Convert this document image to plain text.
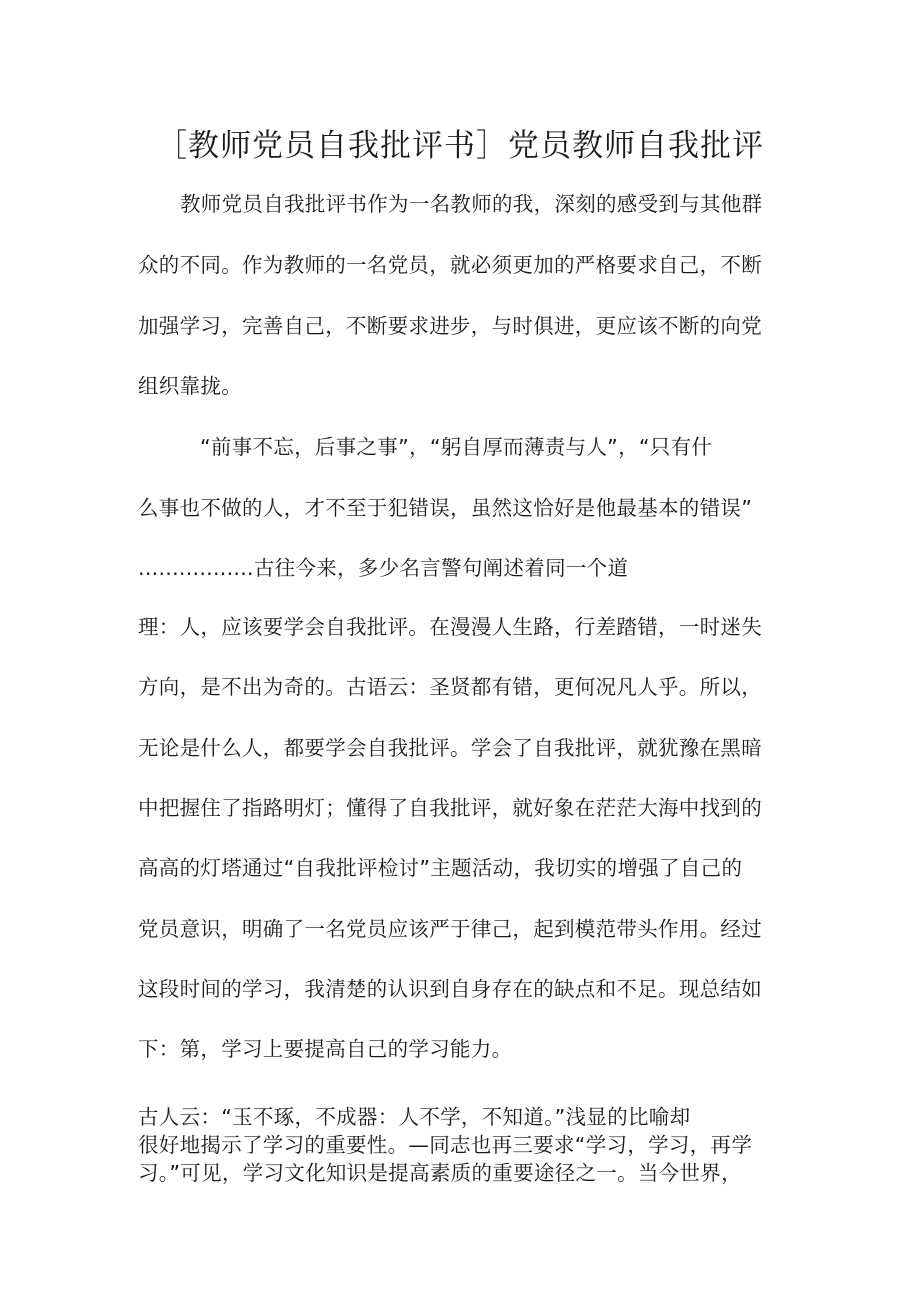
［教师党员自我批评书］党员教师自我批评
教师党员自我批评书作为一名教师的我，深刻的感受到与其他群
众的不同。作为教师的一名党员，就必须更加的严格要求自己，不断
加强学习，完善自己，不断要求进步，与时俱进，更应该不断的向党
组织靠拢。
“前事不忘，后事之事”，“躬自厚而薄责与人”，“只有什
么事也不做的人，才不至于犯错误，虽然这恰好是他最基本的错误”
.................古往今来，多少名言警句阐述着同一个道
理：人，应该要学会自我批评。在漫漫人生路，行差踏错，一时迷失
方向，是不出为奇的。古语云：圣贤都有错，更何况凡人乎。所以，
无论是什么人，都要学会自我批评。学会了自我批评，就犹豫在黑暗
中把握住了指路明灯；懂得了自我批评，就好象在茫茫大海中找到的
高高的灯塔通过“自我批评检讨”主题活动，我切实的增强了自己的
党员意识，明确了一名党员应该严于律己，起到模范带头作用。经过
这段时间的学习，我清楚的认识到自身存在的缺点和不足。现总结如
下：第，学习上要提高自己的学习能力。
古人云：“玉不琢，不成器：人不学，不知道。”浅显的比喻却
很好地揭示了学习的重要性。—同志也再三要求“学习，学习，再学
习。”可见，学习文化知识是提高素质的重要途径之一。当今世界，
